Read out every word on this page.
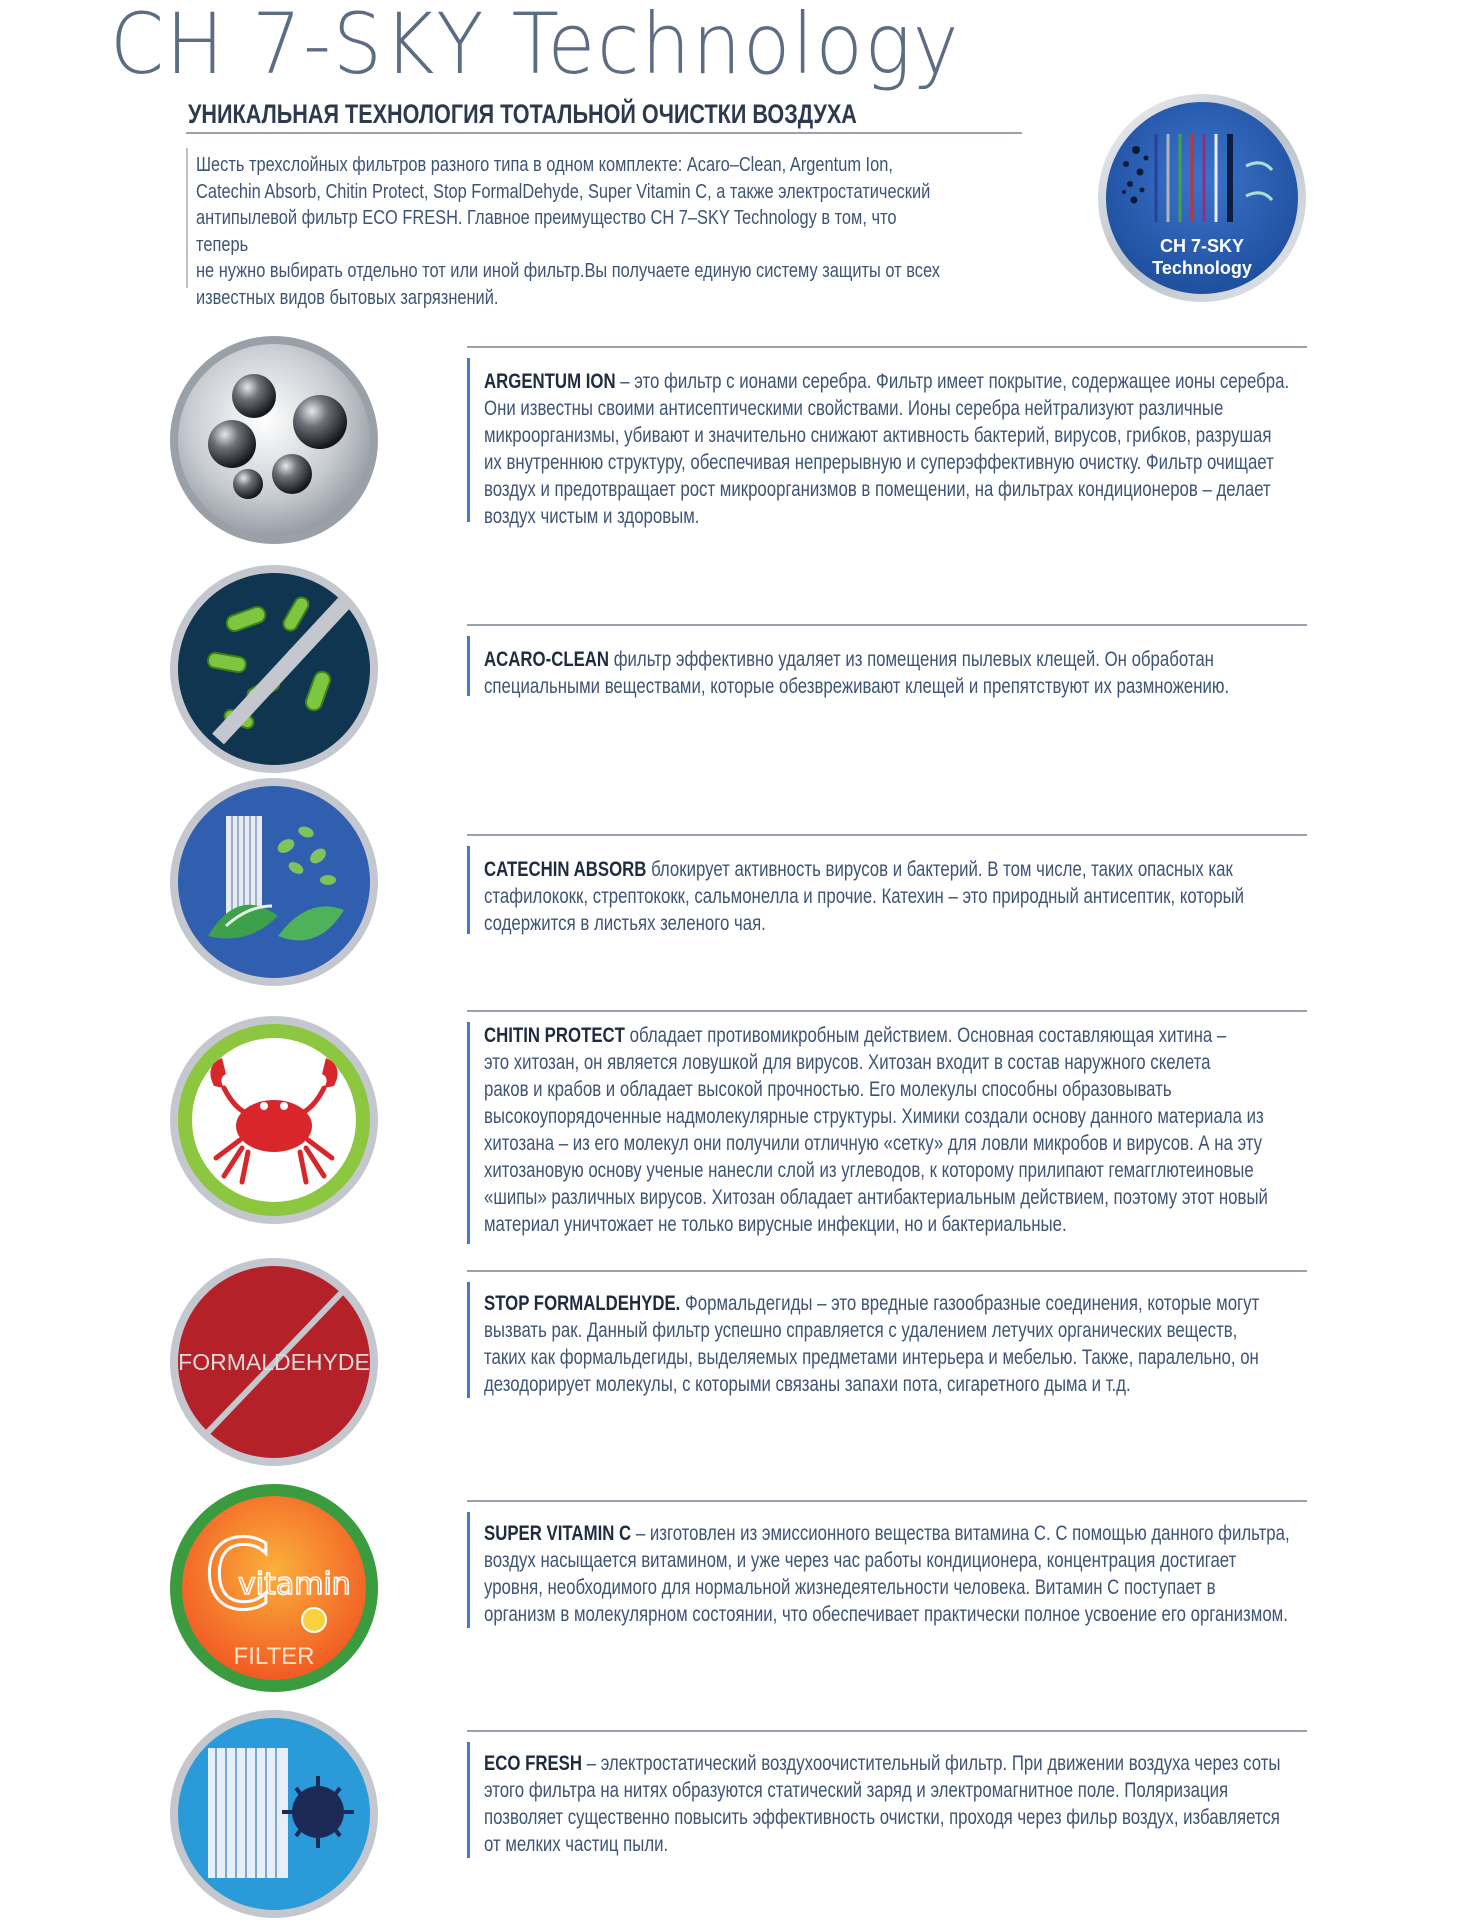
CH 7-SKY Technology
УНИКАЛЬНАЯ ТЕХНОЛОГИЯ ТОТАЛЬНОЙ ОЧИСТКИ ВОЗДУХА
Шесть трехслойных фильтров разного типа в одном комплекте: Acaro–Clean, Argentum Ion,
Catechin Absorb, Chitin Protect, Stop FormalDehyde, Super Vitamin C, а также электростатический
антипылевой фильтр ECO FRESH. Главное преимущество CH 7–SKY Technology в том, что теперь
не нужно выбирать отдельно тот или иной фильтр.Вы получаете единую систему защиты от всех
известных видов бытовых загрязнений.
CH 7-SKY
Technology
ARGENTUM ION – это фильтр с ионами серебра. Фильтр имеет покрытие, содержащее ионы серебра.
Они известны своими антисептическими свойствами. Ионы серебра нейтрализуют различные
микроорганизмы, убивают и значительно снижают активность бактерий, вирусов, грибков, разрушая
их внутреннюю структуру, обеспечивая непрерывную и суперэффективную очистку. Фильтр очищает
воздух и предотвращает рост микроорганизмов в помещении, на фильтрах кондиционеров – делает
воздух чистым и здоровым.
ACARO-CLEAN фильтр эффективно удаляет из помещения пылевых клещей. Он обработан
специальными веществами, которые обезвреживают клещей и препятствуют их размножению.
CATECHIN ABSORB блокирует активность вирусов и бактерий. В том числе, таких опасных как
стафилококк, стрептококк, сальмонелла и прочие. Катехин – это природный антисептик, который
содержится в листьях зеленого чая.
CHITIN PROTECT обладает противомикробным действием. Основная составляющая хитина –
это хитозан, он является ловушкой для вирусов. Хитозан входит в состав наружного скелета
раков и крабов и обладает высокой прочностью. Его молекулы способны образовывать
высокоупорядоченные надмолекулярные структуры. Химики создали основу данного материала из
хитозана – из его молекул они получили отличную «сетку» для ловли микробов и вирусов. А на эту
хитозановую основу ученые нанесли слой из углеводов, к которому прилипают гемагглютеиновые
«шипы» различных вирусов. Хитозан обладает антибактериальным действием, поэтому этот новый
материал уничтожает не только вирусные инфекции, но и бактериальные.
FORMALDEHYDE
STOP FORMALDEHYDE. Формальдегиды – это вредные газообразные соединения, которые могут
вызвать рак. Данный фильтр успешно справляется с удалением летучих органических веществ,
таких как формальдегиды, выделяемых предметами интерьера и мебелью. Также, паралельно, он
дезодорирует молекулы, с которыми связаны запахи пота, сигаретного дыма и т.д.
C
vitamin
FILTER
SUPER VITAMIN C – изготовлен из эмиссионного вещества витамина С. С помощью данного фильтра,
воздух насыщается витамином, и уже через час работы кондиционера, концентрация достигает
уровня, необходимого для нормальной жизнедеятельности человека. Витамин С поступает в
организм в молекулярном состоянии, что обеспечивает практически полное усвоение его организмом.
ECO FRESH – электростатический воздухоочистительный фильтр. При движении воздуха через соты
этого фильтра на нитях образуются статический заряд и электромагнитное поле. Поляризация
позволяет существенно повысить эффективность очистки, проходя через фильр воздух, избавляется
от мелких частиц пыли.
